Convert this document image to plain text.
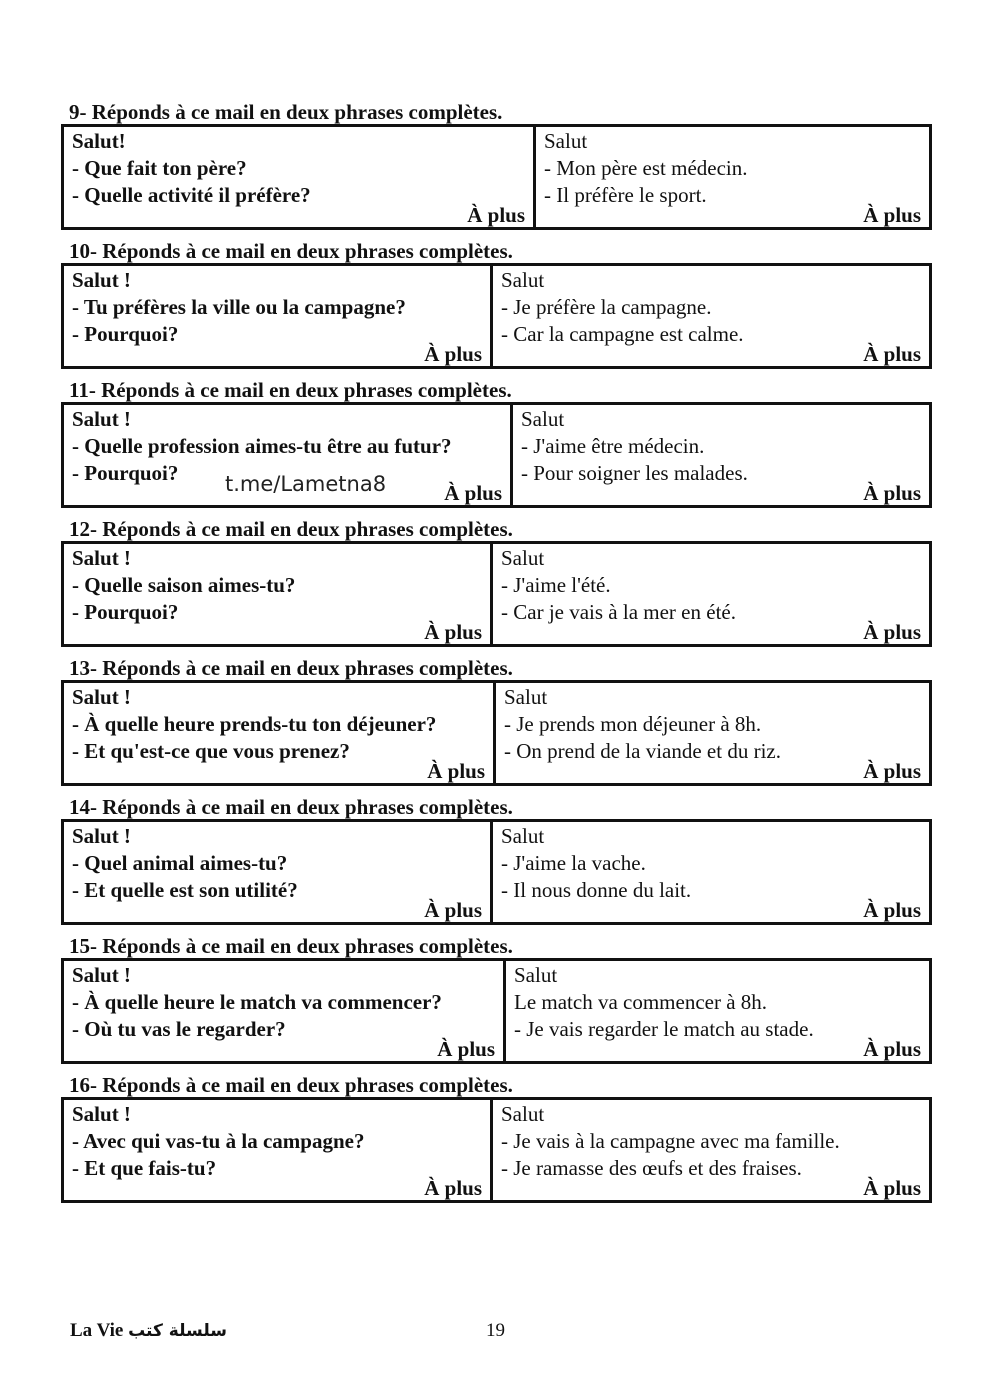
9- Réponds à ce mail en deux phrases complètes.
Salut!
- Que fait ton père?
- Quelle activité il préfère?
À plus
Salut
- Mon père est médecin.
- Il préfère le sport.
À plus
10- Réponds à ce mail en deux phrases complètes.
Salut !
- Tu préfères la ville ou la campagne?
- Pourquoi?
À plus
Salut
- Je préfère la campagne.
- Car la campagne est calme.
À plus
11- Réponds à ce mail en deux phrases complètes.
Salut !
- Quelle profession aimes-tu être au futur?
- Pourquoi?
À plus
Salut
- J'aime être médecin.
- Pour soigner les malades.
À plus
12- Réponds à ce mail en deux phrases complètes.
Salut !
- Quelle saison aimes-tu?
- Pourquoi?
À plus
Salut
- J'aime l'été.
- Car je vais à la mer en été.
À plus
13- Réponds à ce mail en deux phrases complètes.
Salut !
- À quelle heure prends-tu ton déjeuner?
- Et qu'est-ce que vous prenez?
À plus
Salut
- Je prends mon déjeuner à 8h.
- On prend de la viande et du riz.
À plus
14- Réponds à ce mail en deux phrases complètes.
Salut !
- Quel animal aimes-tu?
- Et quelle est son utilité?
À plus
Salut
- J'aime la vache.
- Il nous donne du lait.
À plus
15- Réponds à ce mail en deux phrases complètes.
Salut !
- À quelle heure le match va commencer?
- Où tu vas le regarder?
À plus
Salut
Le match va commencer à 8h.
- Je vais regarder le match au stade.
À plus
16- Réponds à ce mail en deux phrases complètes.
Salut !
- Avec qui vas-tu à la campagne?
- Et que fais-tu?
À plus
Salut
- Je vais à la campagne avec ma famille.
- Je ramasse des œufs et des fraises.
À plus
t.me/Lametna8
La Vie سلسلة كتب	19
